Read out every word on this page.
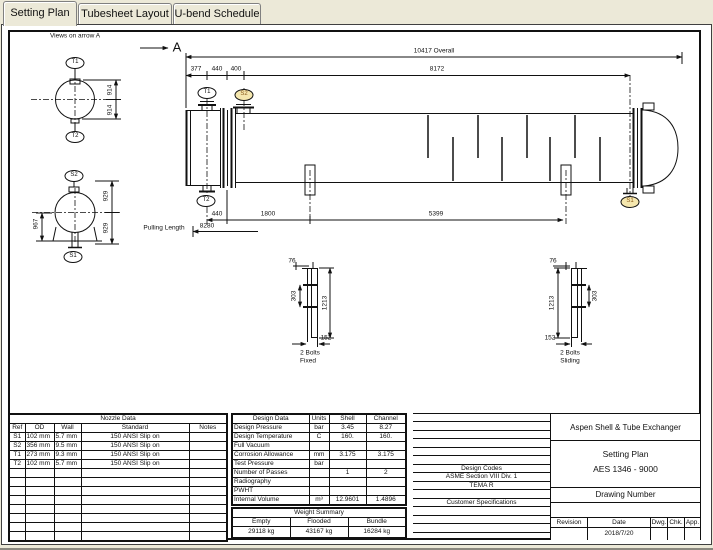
Setting Plan	Tubesheet Layout U-bend Schedule
Views on arrow A
A	10417 Overall
8172
377 440 400
440	1800	5399
8280
Pulling Length
914
914
929
929
967
76
303	1213
152
2 Bolts
Fixed
76
1213	303
152
2 Bolts
Sliding
T1
T2
S2
S1
T1	S2
T2	S1
Nozzle Data				
Ref	OD	Wall	Standard	Notes
S1	102 mm	5.7 mm	150 ANSI Slip on	
S2	356 mm	9.5 mm	150 ANSI Slip on	
T1	273 mm	9.3 mm	150 ANSI Slip on	
T2	102 mm	5.7 mm	150 ANSI Slip on	

Design Data	Units	Shell	Channel
Design Pressure	bar	3.45	8.27
Design Temperature	C	160.	160.
Full Vacuum			
Corrosion Allowance	mm	3.175	3.175
Test Pressure	bar		
Number of Passes		1	2
Radiography			
PWHT			
Internal Volume	m³	12.9601	1.4896
Weight Summary		
Empty	Flooded	Bundle
29118 kg	43167 kg	16284 kg
Design Codes
ASME Section VIII Div. 1
TEMA R
Customer Specifications
Aspen Shell & Tube Exchanger
Setting Plan
AES 1346 - 9000
Drawing Number
Revision	Date	Dwg. Chk. App.
2018/7/20
